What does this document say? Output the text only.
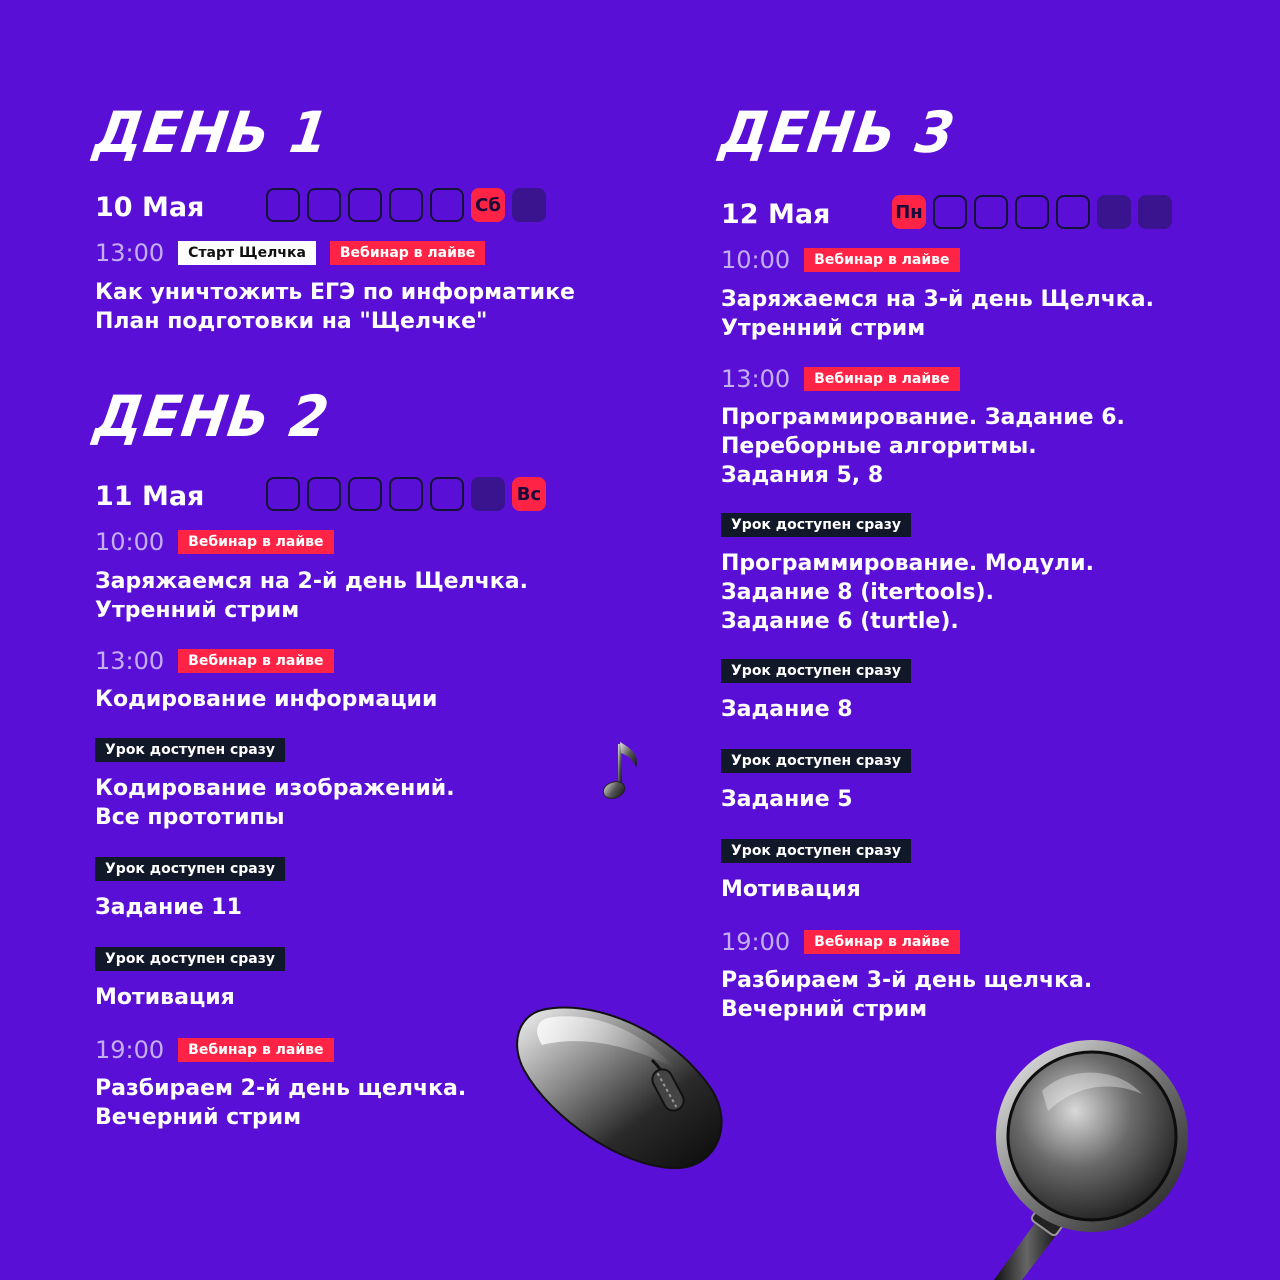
ДЕНЬ 1
10 Мая	Сб
13:00	Старт Щелчка	Вебинар в лайве
Как уничтожить ЕГЭ по информатике
План подготовки на "Щелчке"
ДЕНЬ 2
11 Мая	Вс
10:00	Вебинар в лайве
Заряжаемся на 2-й день Щелчка.
Утренний стрим
13:00	Вебинар в лайве
Кодирование информации
Урок доступен сразу
Кодирование изображений.
Все прототипы
Урок доступен сразу
Задание 11
Урок доступен сразу
Мотивация
19:00	Вебинар в лайве
Разбираем 2-й день щелчка.
Вечерний стрим
ДЕНЬ 3
12 Мая	Пн
10:00	Вебинар в лайве
Заряжаемся на 3-й день Щелчка.
Утренний стрим
13:00	Вебинар в лайве
Программирование. Задание 6.
Переборные алгоритмы.
Задания 5, 8
Урок доступен сразу
Программирование. Модули.
Задание 8 (itertools).
Задание 6 (turtle).
Урок доступен сразу
Задание 8
Урок доступен сразу
Задание 5
Урок доступен сразу
Мотивация
19:00	Вебинар в лайве
Разбираем 3-й день щелчка.
Вечерний стрим
